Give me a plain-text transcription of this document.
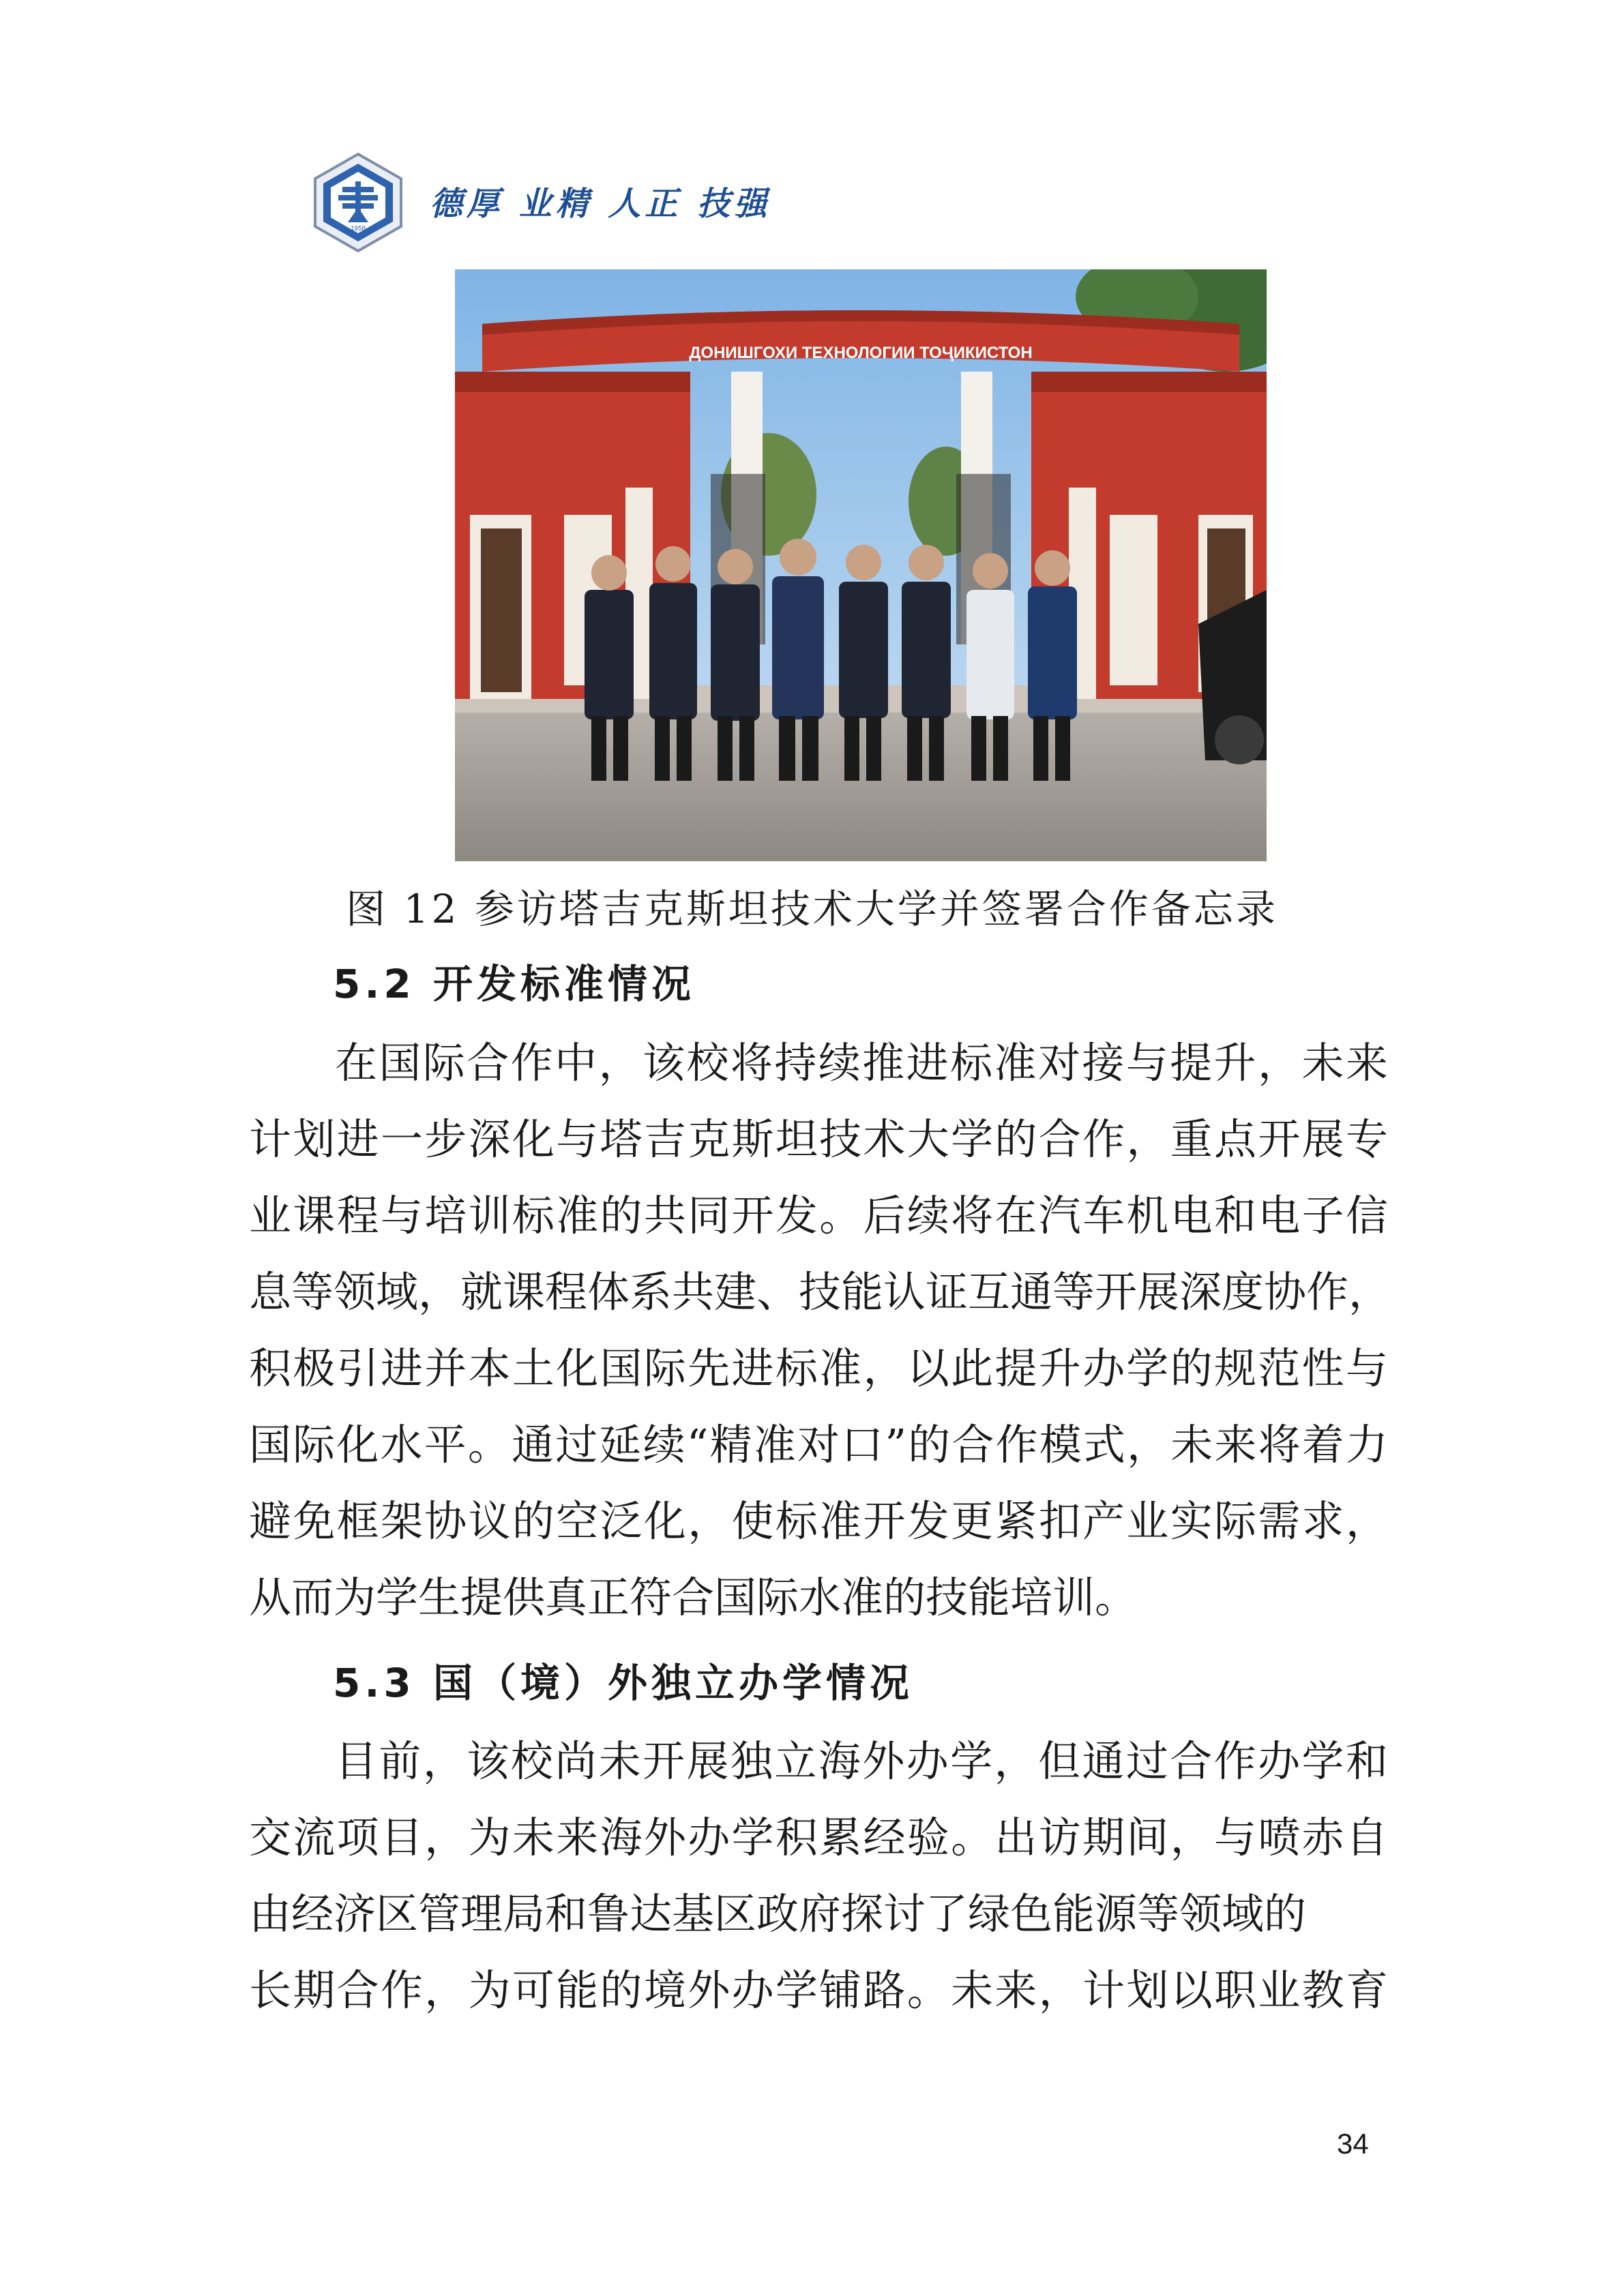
1958
德厚 业精 人正 技强
ДОНИШГОХИ ТЕХНОЛОГИИ ТОҶИКИСТОН
图 12 参访塔吉克斯坦技术大学并签署合作备忘录
5.2 开发标准情况
在国际合作中，该校将持续推进标准对接与提升，未来
计划进一步深化与塔吉克斯坦技术大学的合作，重点开展专
业课程与培训标准的共同开发。后续将在汽车机电和电子信
息等领域，就课程体系共建、技能认证互通等开展深度协作，
积极引进并本土化国际先进标准，以此提升办学的规范性与
国际化水平。通过延续“精准对口”的合作模式，未来将着力
避免框架协议的空泛化，使标准开发更紧扣产业实际需求，
从而为学生提供真正符合国际水准的技能培训。
5.3 国（境）外独立办学情况
目前，该校尚未开展独立海外办学，但通过合作办学和
交流项目，为未来海外办学积累经验。出访期间，与喷赤自
由经济区管理局和鲁达基区政府探讨了绿色能源等领域的
长期合作，为可能的境外办学铺路。未来，计划以职业教育
34
